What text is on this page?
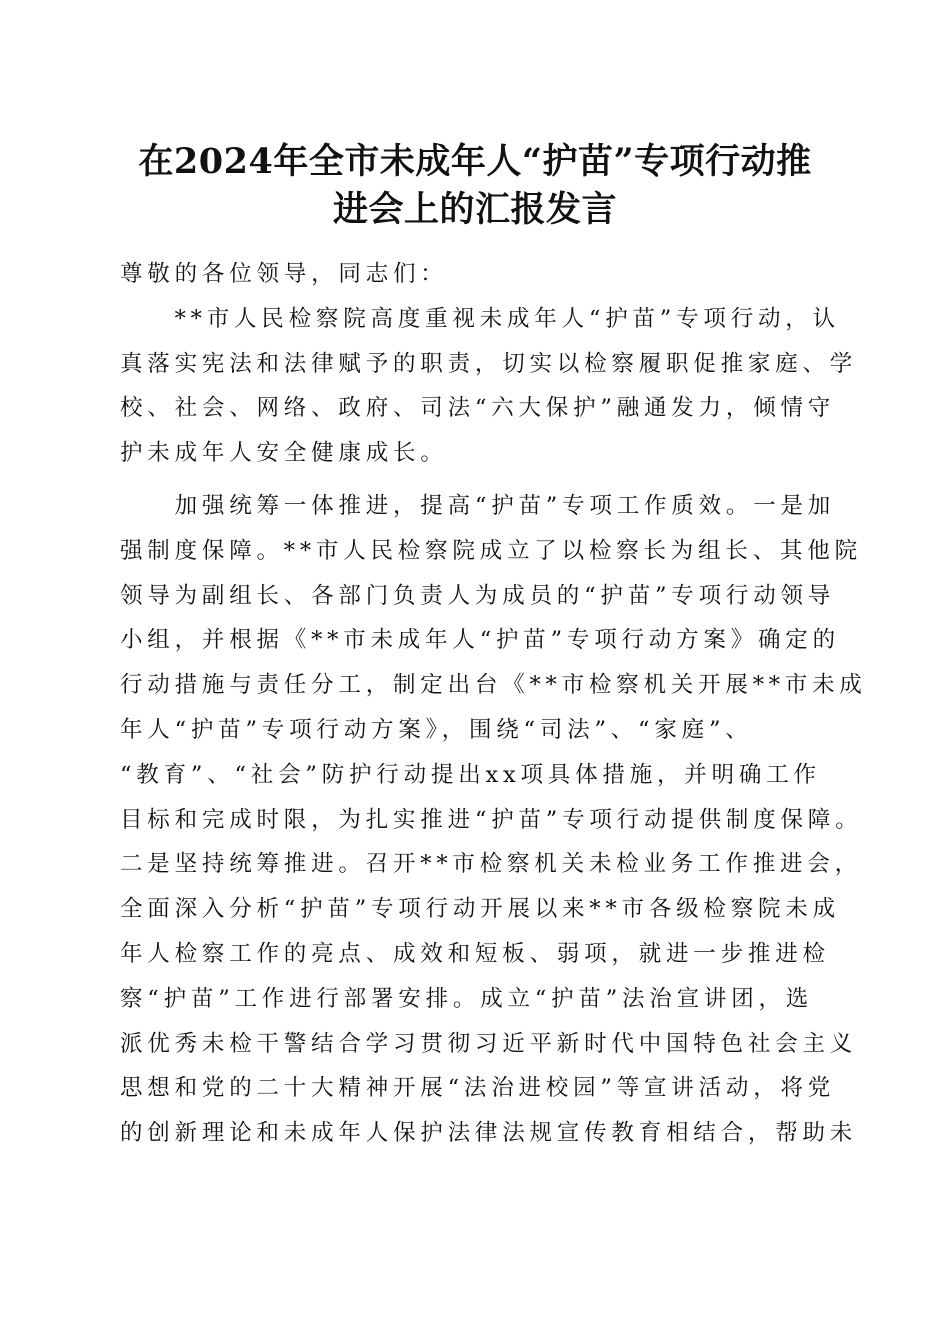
在2024年全市未成年人“护苗”专项行动推
进会上的汇报发言
尊敬的各位领导，同志们：
　　**市人民检察院高度重视未成年人“护苗”专项行动，认
真落实宪法和法律赋予的职责，切实以检察履职促推家庭、学
校、社会、网络、政府、司法“六大保护”融通发力，倾情守
护未成年人安全健康成长。
　　加强统筹一体推进，提高“护苗”专项工作质效。一是加
强制度保障。**市人民检察院成立了以检察长为组长、其他院
领导为副组长、各部门负责人为成员的“护苗”专项行动领导
小组，并根据《**市未成年人“护苗”专项行动方案》确定的
行动措施与责任分工，制定出台《**市检察机关开展**市未成
年人“护苗”专项行动方案》，围绕“司法”、“家庭”、
“教育”、“社会”防护行动提出xx项具体措施，并明确工作
目标和完成时限，为扎实推进“护苗”专项行动提供制度保障。
二是坚持统筹推进。召开**市检察机关未检业务工作推进会，
全面深入分析“护苗”专项行动开展以来**市各级检察院未成
年人检察工作的亮点、成效和短板、弱项，就进一步推进检
察“护苗”工作进行部署安排。成立“护苗”法治宣讲团，选
派优秀未检干警结合学习贯彻习近平新时代中国特色社会主义
思想和党的二十大精神开展“法治进校园”等宣讲活动，将党
的创新理论和未成年人保护法律法规宣传教育相结合，帮助未
